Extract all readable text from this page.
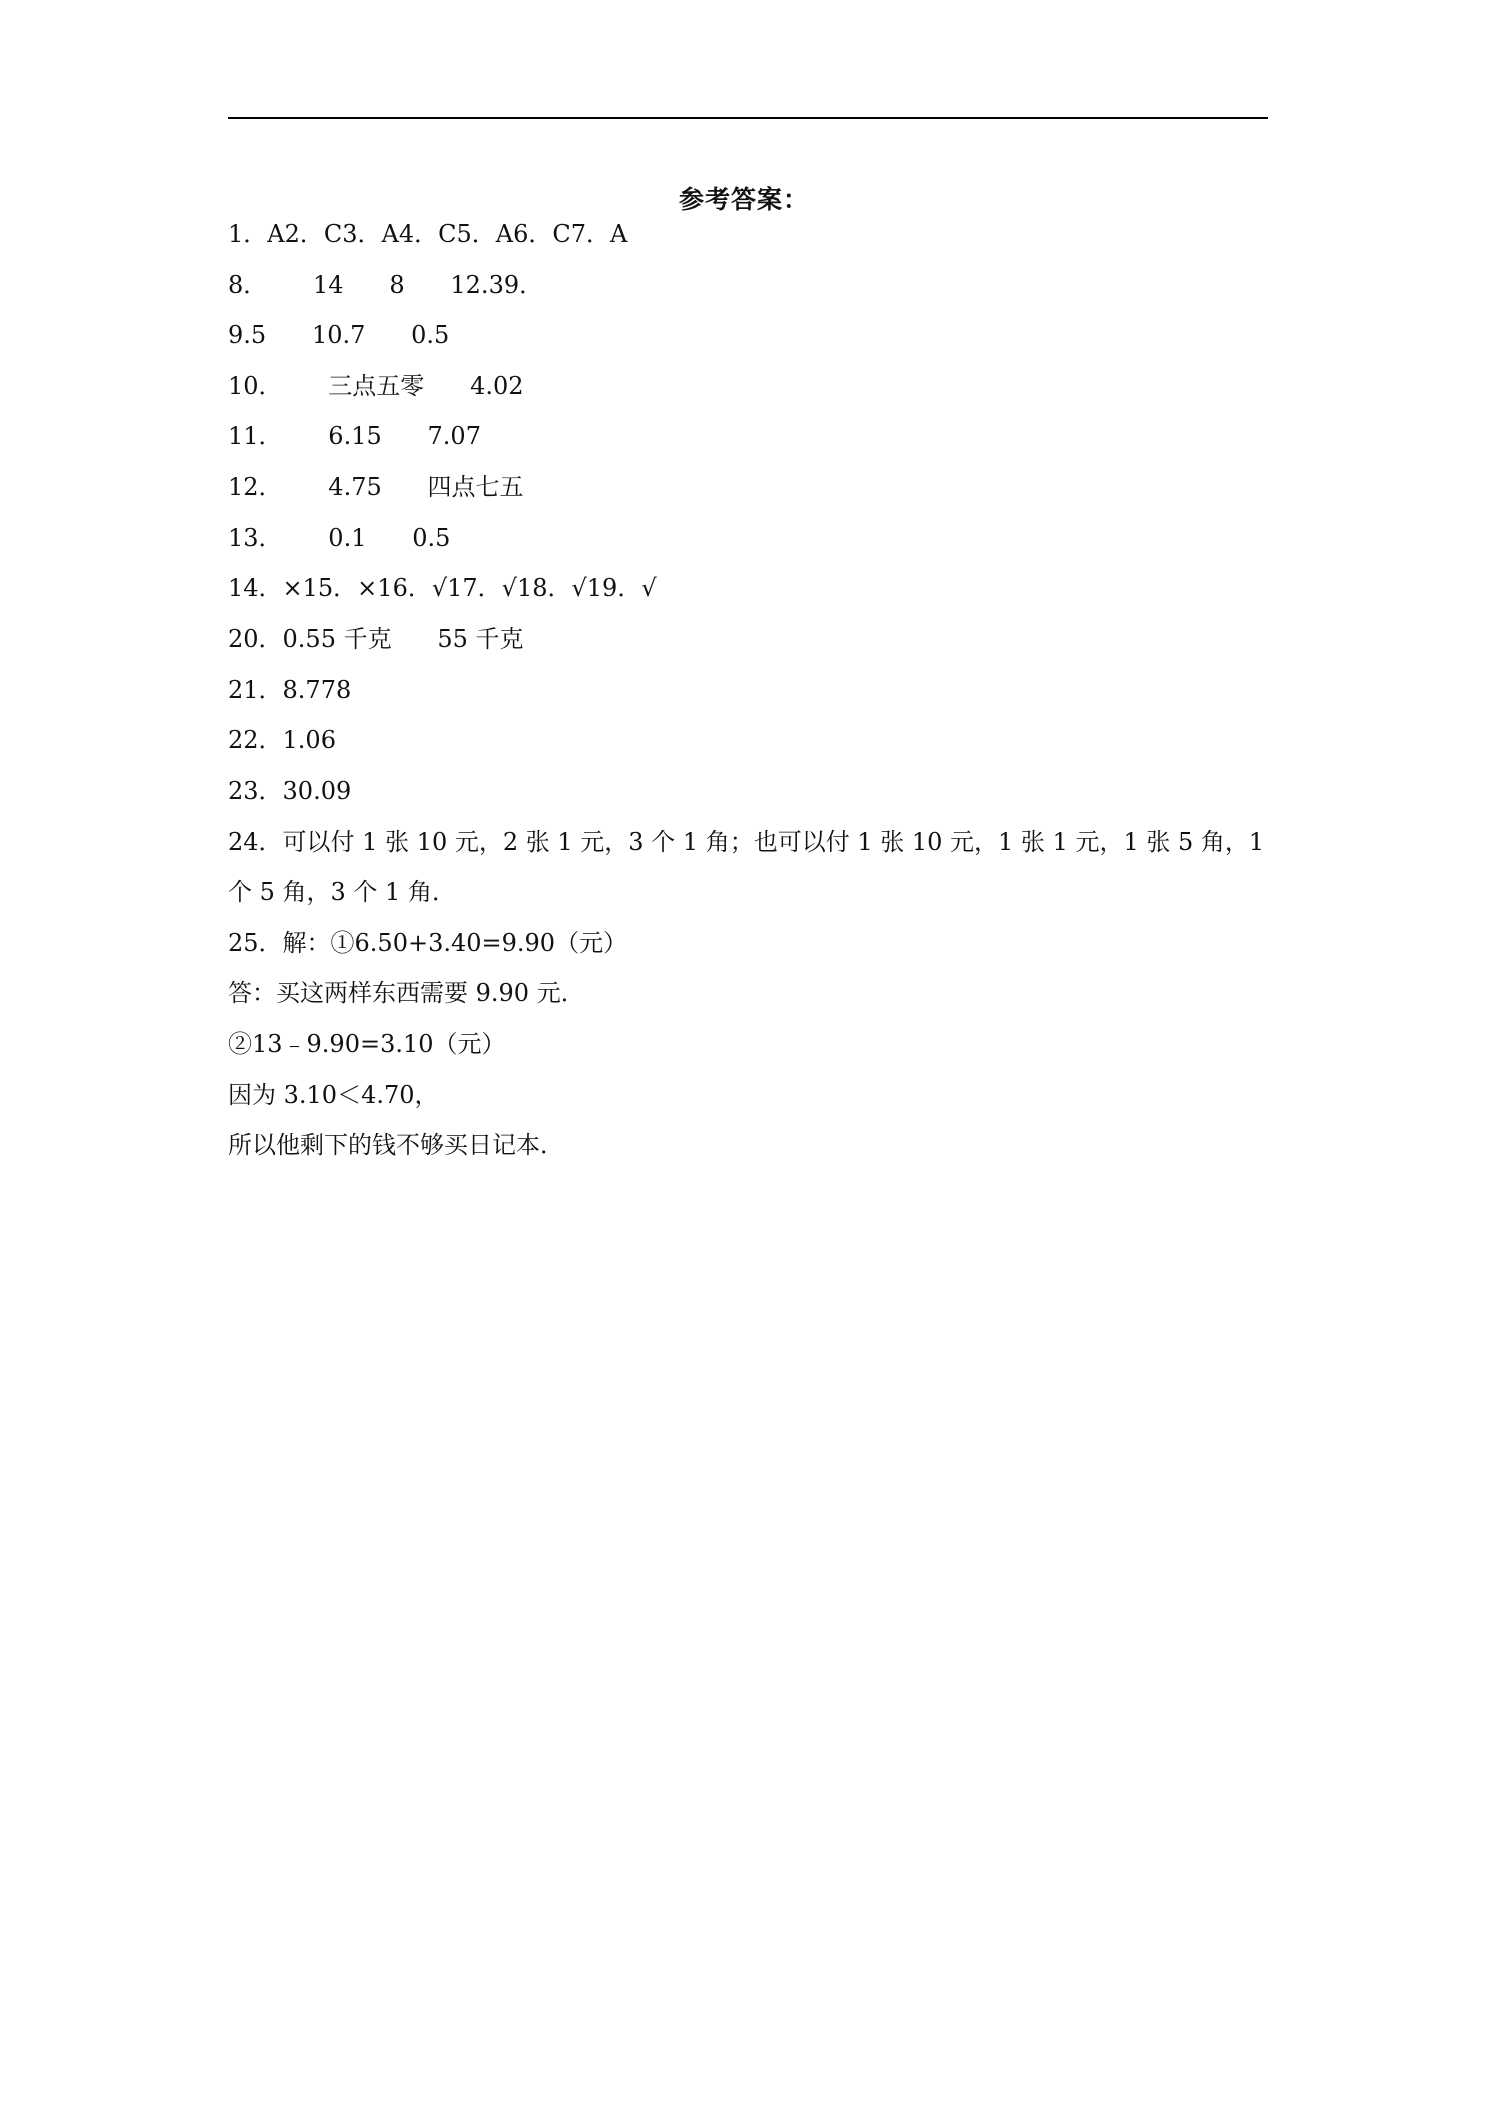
参考答案：
1．A2．C3．A4．C5．A6．C7．A
8．      14      8      12.39．
9.5      10.7      0.5
10．      三点五零      4.02
11．      6.15      7.07
12．      4.75      四点七五
13．      0.1      0.5
14．×15．×16．√17．√18．√19．√
20．0.55 千克      55 千克
21．8.778
22．1.06
23．30.09
24．可以付 1 张 10 元，2 张 1 元，3 个 1 角；也可以付 1 张 10 元，1 张 1 元，1 张 5 角，1
个 5 角，3 个 1 角．
25．解：①6.50+3.40=9.90（元）
答：买这两样东西需要 9.90 元．
②13﹣9.90=3.10（元）
因为 3.10＜4.70，
所以他剩下的钱不够买日记本．
